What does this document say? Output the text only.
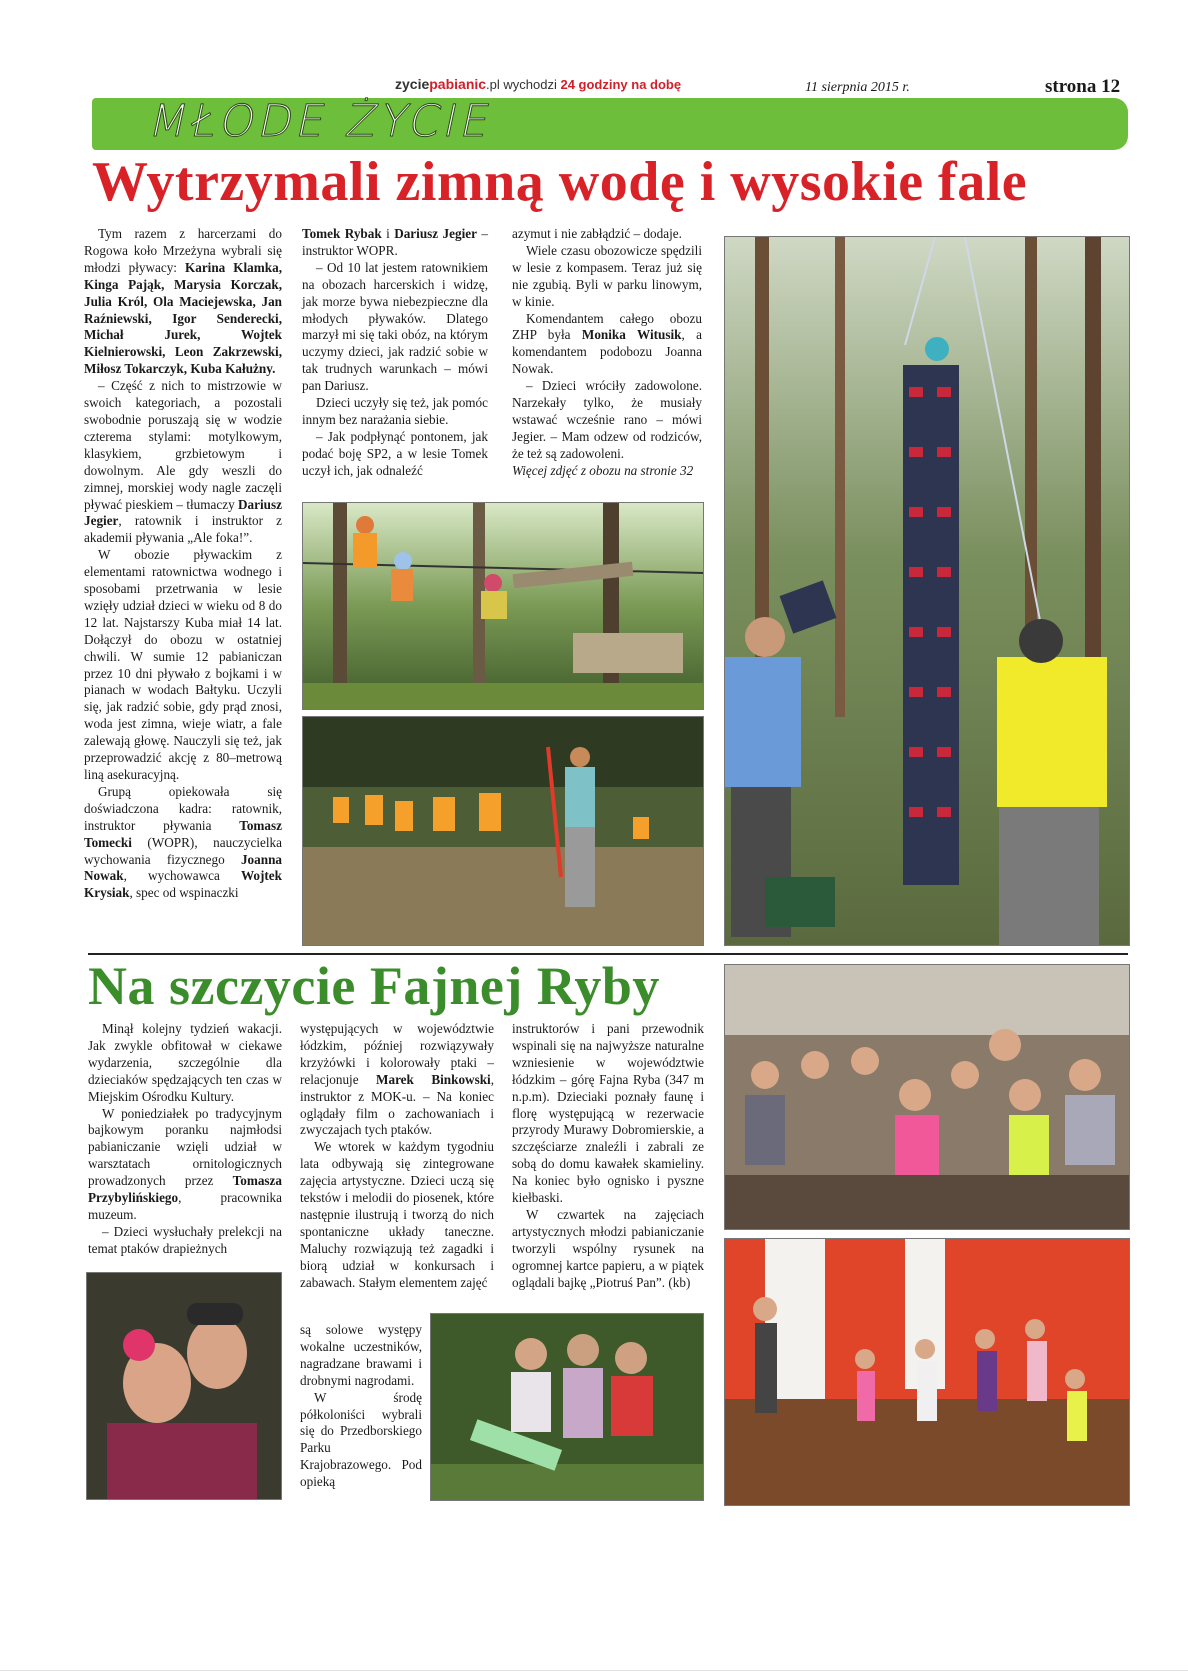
zyciepabianic.pl wychodzi 24 godziny na dobę	11 sierpnia 2015 r.	strona 12
MŁODE ŻYCIE
Wytrzymali zimną wodę i wysokie fale

Tym razem z harcerzami do Rogowa koło Mrzeżyna wybrali się młodzi pływacy: Karina Klamka, Kinga Pająk, Marysia Korczak, Julia Król, Ola Maciejewska, Jan Raźniewski, Igor Senderecki, Michał Jurek, Wojtek Kielnierowski, Leon Zakrzewski, Miłosz Tokarczyk, Kuba Kałużny.

– Część z nich to mistrzowie w swoich kategoriach, a pozostali swobodnie poruszają się w wodzie czterema stylami: motylkowym, klasykiem, grzbietowym i dowolnym. Ale gdy weszli do zimnej, morskiej wody nagle zaczęli pływać pieskiem – tłumaczy Dariusz Jegier, ratownik i instruktor z akademii pływania „Ale foka!”.

W obozie pływackim z elementami ratownictwa wodnego i sposobami przetrwania w lesie wzięły udział dzieci w wieku od 8 do 12 lat. Najstarszy Kuba miał 14 lat. Dołączył do obozu w ostatniej chwili. W sumie 12 pabianiczan przez 10 dni pływało z bojkami i w pianach w wodach Bałtyku. Uczyli się, jak radzić sobie, gdy prąd znosi, woda jest zimna, wieje wiatr, a fale zalewają głowę. Nauczyli się też, jak przeprowadzić akcję z 80–metrową liną asekuracyjną.

Grupą opiekowała się doświadczona kadra: ratownik, instruktor pływania Tomasz Tomecki (WOPR), nauczycielka wychowania fizycznego Joanna Nowak, wychowawca Wojtek Krysiak, spec od wspinaczki

Tomek Rybak i Dariusz Jegier – instruktor WOPR.

– Od 10 lat jestem ratownikiem na obozach harcerskich i widzę, jak morze bywa niebezpieczne dla młodych pływaków. Dlatego marzył mi się taki obóz, na którym uczymy dzieci, jak radzić sobie w tak trudnych warunkach – mówi pan Dariusz.

Dzieci uczyły się też, jak pomóc innym bez narażania siebie.

– Jak podpłynąć pontonem, jak podać boję SP2, a w lesie Tomek uczył ich, jak odnaleźć

azymut i nie zabłądzić – dodaje.

Wiele czasu obozowicze spędzili w lesie z kompasem. Teraz już się nie zgubią. Byli w parku linowym, w kinie.

Komendantem całego obozu ZHP była Monika Witusik, a komendantem podobozu Joanna Nowak.

– Dzieci wróciły zadowolone. Narzekały tylko, że musiały wstawać wcześnie rano – mówi Jegier. – Mam odzew od rodziców, że też są zadowoleni.

Więcej zdjęć z obozu na stronie 32

Na szczycie Fajnej Ryby

Minął kolejny tydzień wakacji. Jak zwykle obfitował w ciekawe wydarzenia, szczególnie dla dzieciaków spędzających ten czas w Miejskim Ośrodku Kultury.

W poniedziałek po tradycyjnym bajkowym poranku najmłodsi pabianiczanie wzięli udział w warsztatach ornitologicznych prowadzonych przez Tomasza Przybylińskiego, pracownika muzeum.

– Dzieci wysłuchały prelekcji na temat ptaków drapieżnych

występujących w województwie łódzkim, później rozwiązywały krzyżówki i kolorowały ptaki – relacjonuje Marek Binkowski, instruktor z MOK-u. – Na koniec oglądały film o zachowaniach i zwyczajach tych ptaków.

We wtorek w każdym tygodniu lata odbywają się zintegrowane zajęcia artystyczne. Dzieci uczą się tekstów i melodii do piosenek, które następnie ilustrują i tworzą do nich spontaniczne układy taneczne. Maluchy rozwiązują też zagadki i biorą udział w konkursach i zabawach. Stałym elementem zajęć

są solowe występy wokalne uczestników, nagradzane brawami i drobnymi nagrodami.

W środę półkoloniści wybrali się do Przedborskiego Parku Krajobrazowego. Pod opieką

instruktorów i pani przewodnik wspinali się na najwyższe naturalne wzniesienie w województwie łódzkim – górę Fajna Ryba (347 m n.p.m). Dzieciaki poznały faunę i florę występującą w rezerwacie przyrody Murawy Dobromierskie, a szczęściarze znaleźli i zabrali ze sobą do domu kawałek skamieliny. Na koniec było ognisko i pyszne kiełbaski.

W czwartek na zajęciach artystycznych młodzi pabianiczanie tworzyli wspólny rysunek na ogromnej kartce papieru, a w piątek oglądali bajkę „Piotruś Pan”. (kb)
